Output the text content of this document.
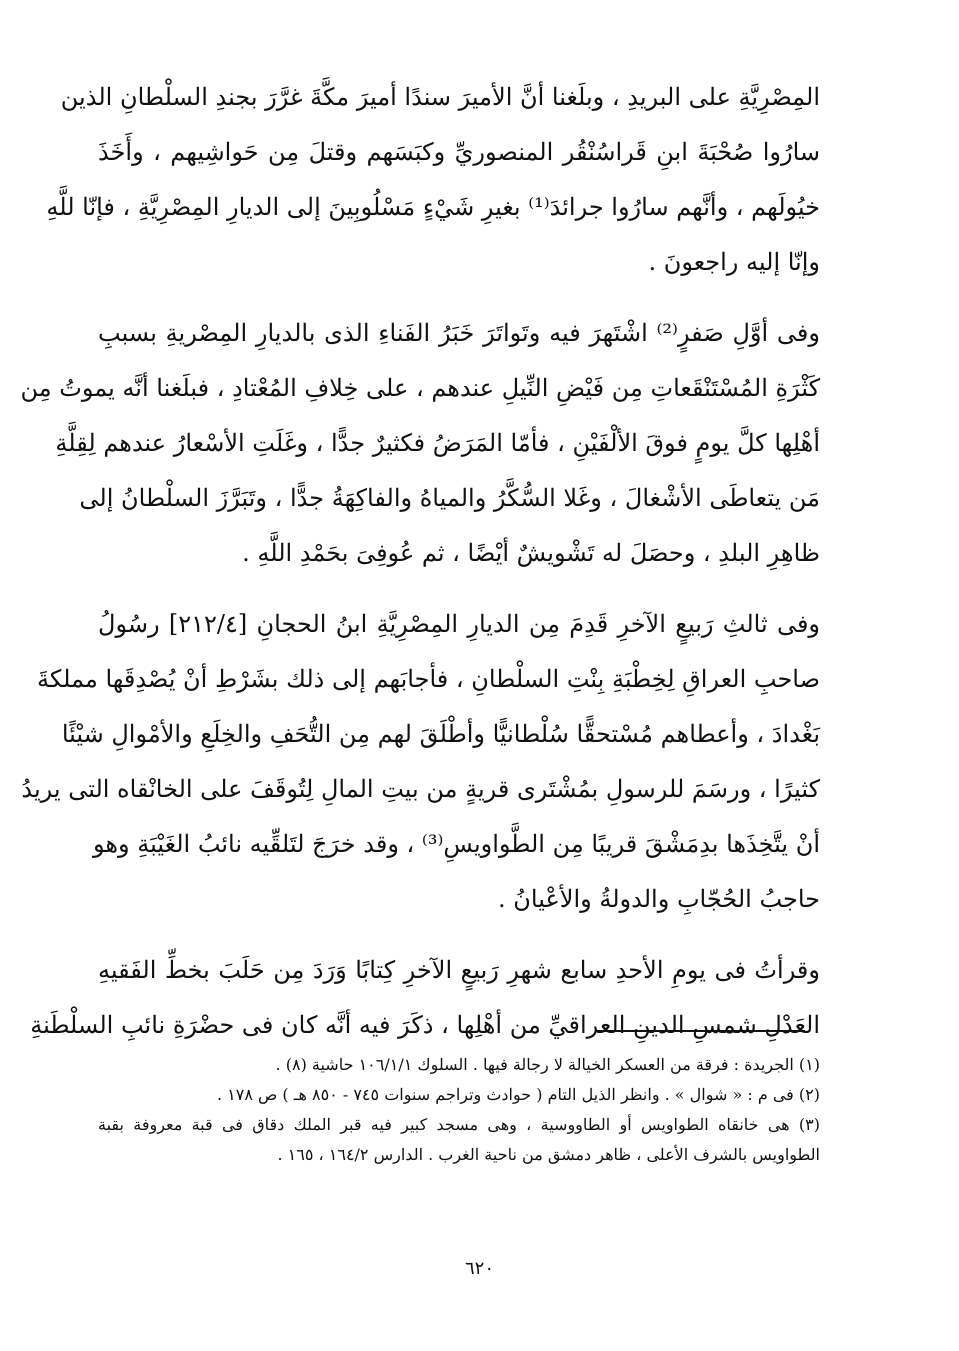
المِصْرِيَّةِ على البريدِ ، وبلَغنا أنَّ الأميرَ سندًا أميرَ مكَّةَ غرَّرَ بجندِ السلْطانِ الذين
سارُوا صُحْبَةَ ابنِ قَراسُنْقُر المنصوريِّ وكبَسَهم وقتلَ مِن حَواشِيهم ، وأَخَذَ
خيُولَهم ، وأنَّهم سارُوا جرائدَ⁽¹⁾ بغيرِ شَيْءٍ مَسْلُوبِينَ إلى الديارِ المِصْرِيَّةِ ، فإنّا للَّهِ
وإنّا إليه راجعونَ .
وفى أوَّلِ صَفرٍ⁽²⁾ اشْتَهرَ فيه وتَواتَرَ خَبَرُ الفَناءِ الذى بالديارِ المِصْريةِ بسببِ
كَثْرَةِ المُسْتَنْقَعاتِ مِن فَيْضِ النِّيلِ عندهم ، على خِلافِ المُعْتادِ ، فبلَغنا أنَّه يموتُ مِن
أهْلِها كلَّ يومٍ فوقَ الألْفَيْنِ ، فأمّا المَرَضُ فكثيرٌ جدًّا ، وغَلَتِ الأسْعارُ عندهم لِقِلَّةِ
مَن يتعاطَى الأشْغالَ ، وغَلا السُّكَّرُ والمياهُ والفاكِهَةُ جدًّا ، وتَبَرَّزَ السلْطانُ إلى
ظاهِرِ البلدِ ، وحصَلَ له تَشْويشٌ أيْضًا ، ثم عُوفِىَ بحَمْدِ اللَّهِ .
وفى ثالثِ رَبيعٍ الآخرِ قَدِمَ مِن الديارِ المِصْرِيَّةِ ابنُ الحجانِ [٢١٢/٤] رسُولُ
صاحبِ العراقِ لِخِطْبَةِ بِنْتِ السلْطانِ ، فأجابَهم إلى ذلك بشَرْطِ أنْ يُصْدِقَها مملكةَ
بَغْدادَ ، وأعطاهم مُسْتحقًّا سُلْطانيًّا وأطْلَقَ لهم مِن التُّحَفِ والخِلَعِ والأمْوالِ شيْئًا
كثيرًا ، ورسَمَ للرسولِ بمُشْتَرى قريةٍ من بيتِ المالِ لِتُوقَفَ على الخانْقاه التى يريدُ
أنْ يتَّخِذَها بدِمَشْقَ قريبًا مِن الطَّواويسِ⁽³⁾ ، وقد خرَجَ لتَلقِّيه نائبُ الغَيْبَةِ وهو
حاجبُ الحُجّابِ والدولةُ والأعْيانُ .
وقرأتُ فى يومِ الأحدِ سابع شهرِ رَبيعٍ الآخرِ كِتابًا وَرَدَ مِن حَلَبَ بخطِّ الفَقيهِ
العَدْلِ شمسِ الدينِ العراقيِّ من أهْلِها ، ذكَرَ فيه أنَّه كان فى حضْرَةِ نائبِ السلْطَنةِ
(١) الجريدة : فرقة من العسكر الخيالة لا رجالة فيها . السلوك ١٠٦/١/١ حاشية (٨) .
(٢) فى م : « شوال » . وانظر الذيل التام ( حوادث وتراجم سنوات ٧٤٥ - ٨٥٠ هـ ) ص ١٧٨ .
(٣) هى خانقاه الطواويس أو الطاووسية ، وهى مسجد كبير فيه قبر الملك دقاق فى قبة معروفة بقبة
الطواويس بالشرف الأعلى ، ظاهر دمشق من ناحية الغرب . الدارس ١٦٤/٢ ، ١٦٥ .
٦٢٠
